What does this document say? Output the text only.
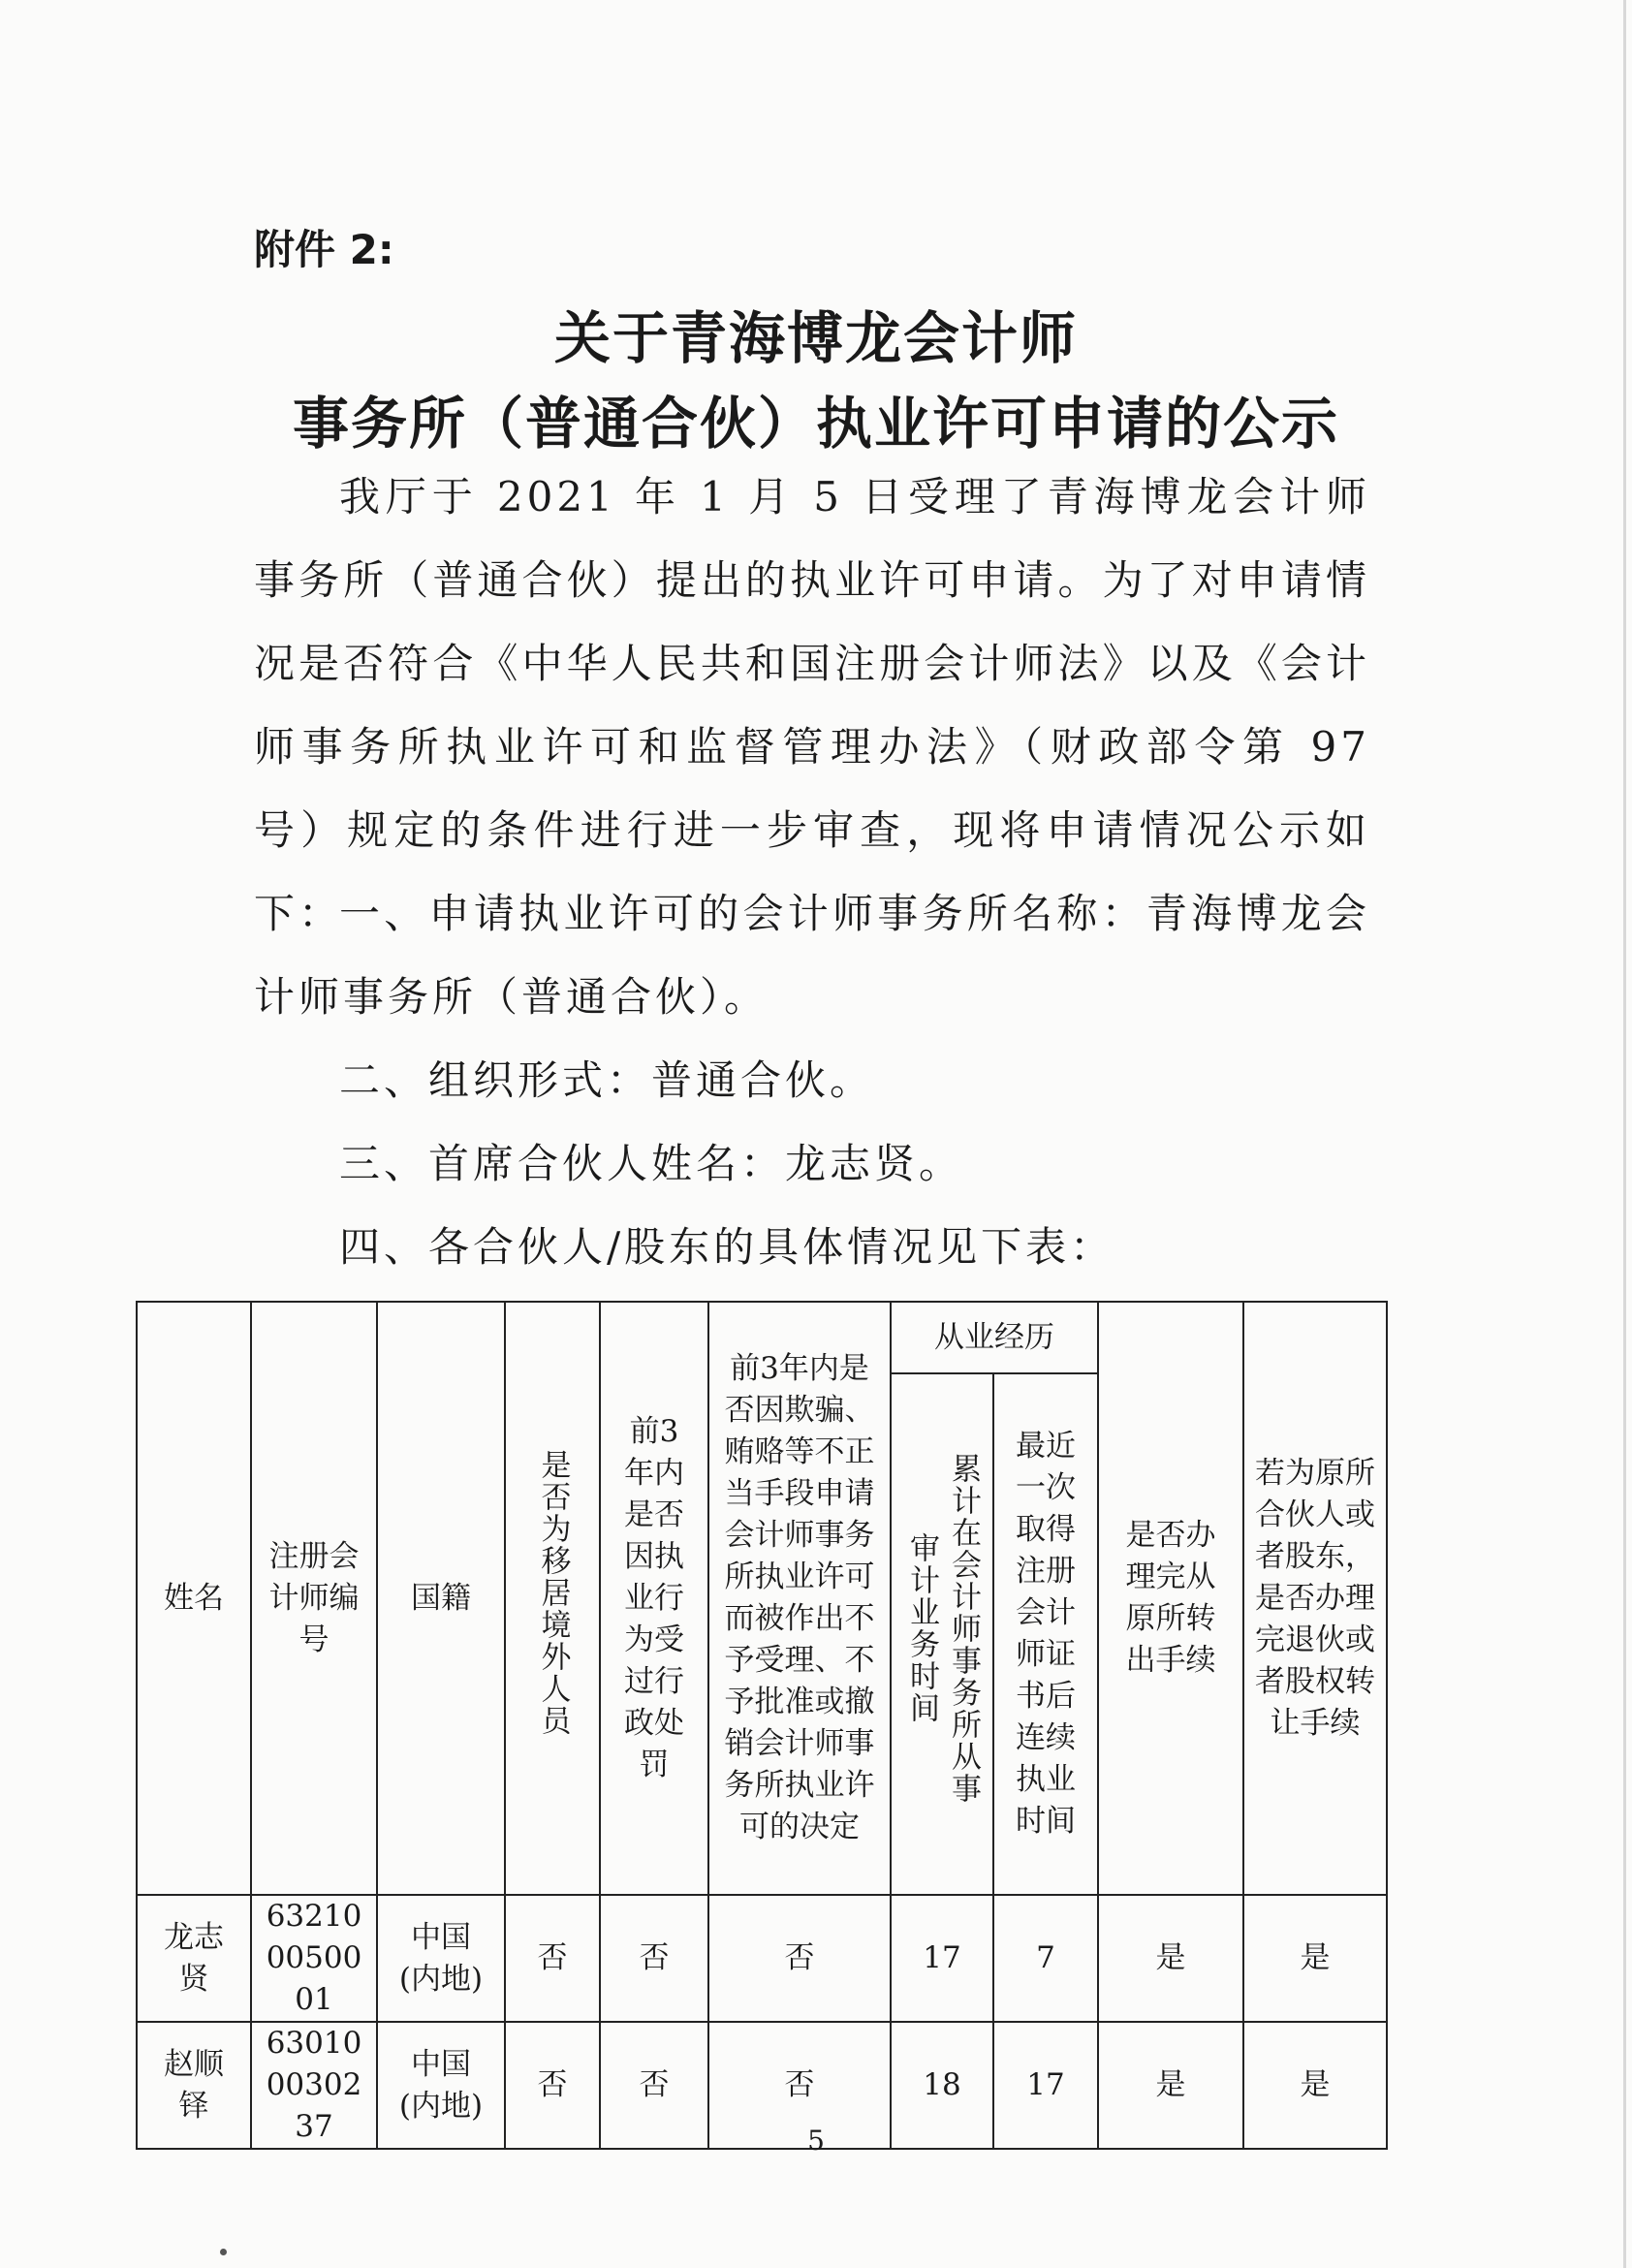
附件 2:
关于青海博龙会计师
事务所（普通合伙）执业许可申请的公示

我厅于 2021 年 1 月 5 日受理了青海博龙会计师事务所（普通合伙）提出的执业许可申请。为了对申请情况是否符合《中华人民共和国注册会计师法》以及《会计师事务所执业许可和监督管理办法》（财政部令第 97 号）规定的条件进行进一步审查，现将申请情况公示如下：

一、申请执业许可的会计师事务所名称：青海博龙会计师事务所（普通合伙）。

二、组织形式：普通合伙。

三、首席合伙人姓名：龙志贤。

四、各合伙人/股东的具体情况见下表：

姓名	注册会计师编号	国籍	是否为移居境外人员	前3年内是否因执业行为受过行政处罚	前3年内是否因欺骗、贿赂等不正当手段申请会计师事务所执业许可而被作出不予受理、不予批准或撤销会计师事务所执业许可的决定	从业经历		是否办理完从原所转出手续	若为原所合伙人或者股东，是否办理完退伙或者股权转让手续

						累计在会计师事务所从事审计业务时间	最近一次取得注册会计师证书后连续执业时间		

龙志贤	632100050001	中国(内地)	否	否	否	17	7	是	是

赵顺铎	630100030237	中国(内地)	否	否	否	18	17	是	是
5
